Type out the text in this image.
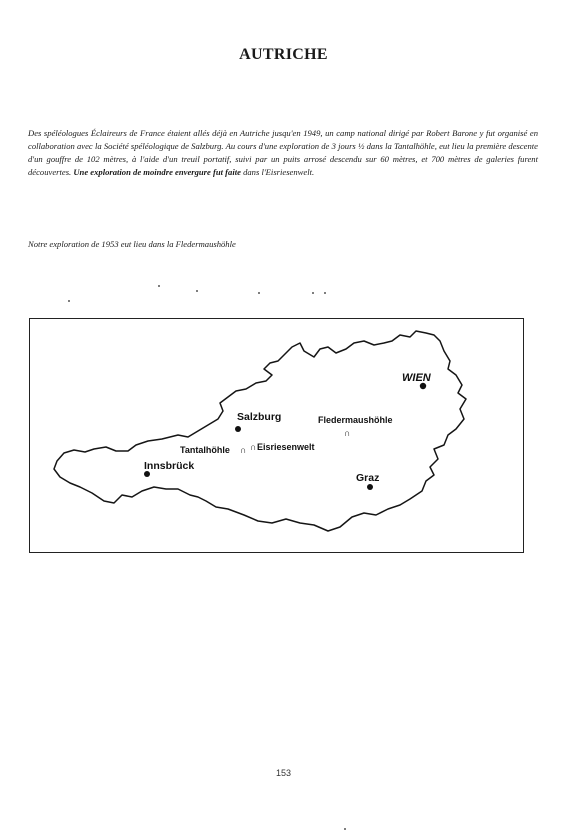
AUTRICHE
Des spéléologues Éclaireurs de France étaient allés déjà en Autriche jusqu'en 1949, un camp national dirigé par Robert Barone y fut organisé en collaboration avec la Société spéléologique de Salzburg. Au cours d'une exploration de 3 jours ½ dans la Tantalhöhle, eut lieu la première descente d'un gouffre de 102 mètres, à l'aide d'un treuil portatif, suivi par un puits arrosé descendu sur 60 mètres, et 700 mètres de galeries furent découvertes. Une exploration de moindre envergure fut faite dans l'Eisriesenwelt.
Notre exploration de 1953 eut lieu dans la Fledermaushöhle
WIEN
Salzburg	Fledermaushöhle
∩
Tantalhöhle ∩ ∩ Eisriesenwelt
Innsbrück
Graz
153
